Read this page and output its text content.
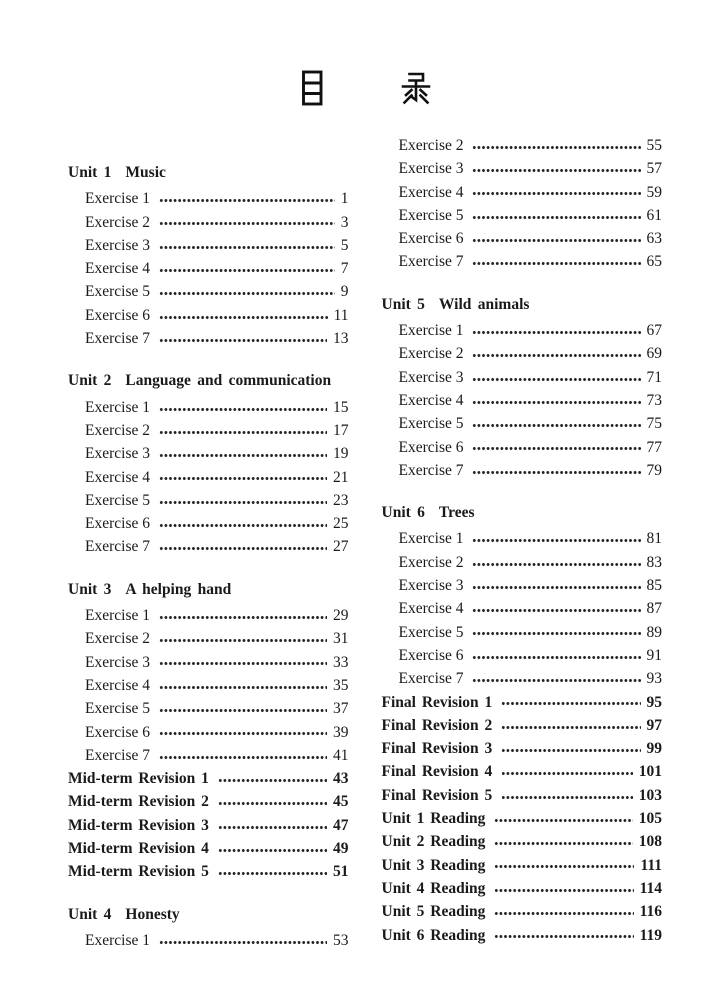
Unit 1 Music
Exercise 1	1
Exercise 2	3
Exercise 3	5
Exercise 4	7
Exercise 5	9
Exercise 6	11
Exercise 7	13
Unit 2 Language and communication
Exercise 1	15
Exercise 2	17
Exercise 3	19
Exercise 4	21
Exercise 5	23
Exercise 6	25
Exercise 7	27
Unit 3 A helping hand
Exercise 1	29
Exercise 2	31
Exercise 3	33
Exercise 4	35
Exercise 5	37
Exercise 6	39
Exercise 7	41
Mid-term Revision 1	43
Mid-term Revision 2	45
Mid-term Revision 3	47
Mid-term Revision 4	49
Mid-term Revision 5	51
Unit 4 Honesty
Exercise 1	53
Exercise 2	55
Exercise 3	57
Exercise 4	59
Exercise 5	61
Exercise 6	63
Exercise 7	65
Unit 5 Wild animals
Exercise 1	67
Exercise 2	69
Exercise 3	71
Exercise 4	73
Exercise 5	75
Exercise 6	77
Exercise 7	79
Unit 6 Trees
Exercise 1	81
Exercise 2	83
Exercise 3	85
Exercise 4	87
Exercise 5	89
Exercise 6	91
Exercise 7	93
Final Revision 1	95
Final Revision 2	97
Final Revision 3	99
Final Revision 4	101
Final Revision 5	103
Unit 1 Reading	105
Unit 2 Reading	108
Unit 3 Reading	111
Unit 4 Reading	114
Unit 5 Reading	116
Unit 6 Reading	119
